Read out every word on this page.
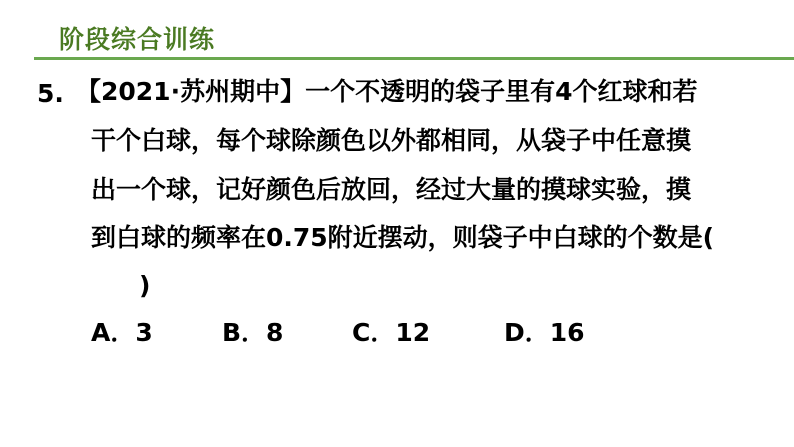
阶段综合训练
5. 【2021·苏州期中】一个不透明的袋子里有4个红球和若
干个白球，每个球除颜色以外都相同，从袋子中任意摸
出一个球，记好颜色后放回，经过大量的摸球实验，摸
到白球的频率在0.75附近摆动，则袋子中白球的个数是(
)
A．3	B．8	C．12	D．16
